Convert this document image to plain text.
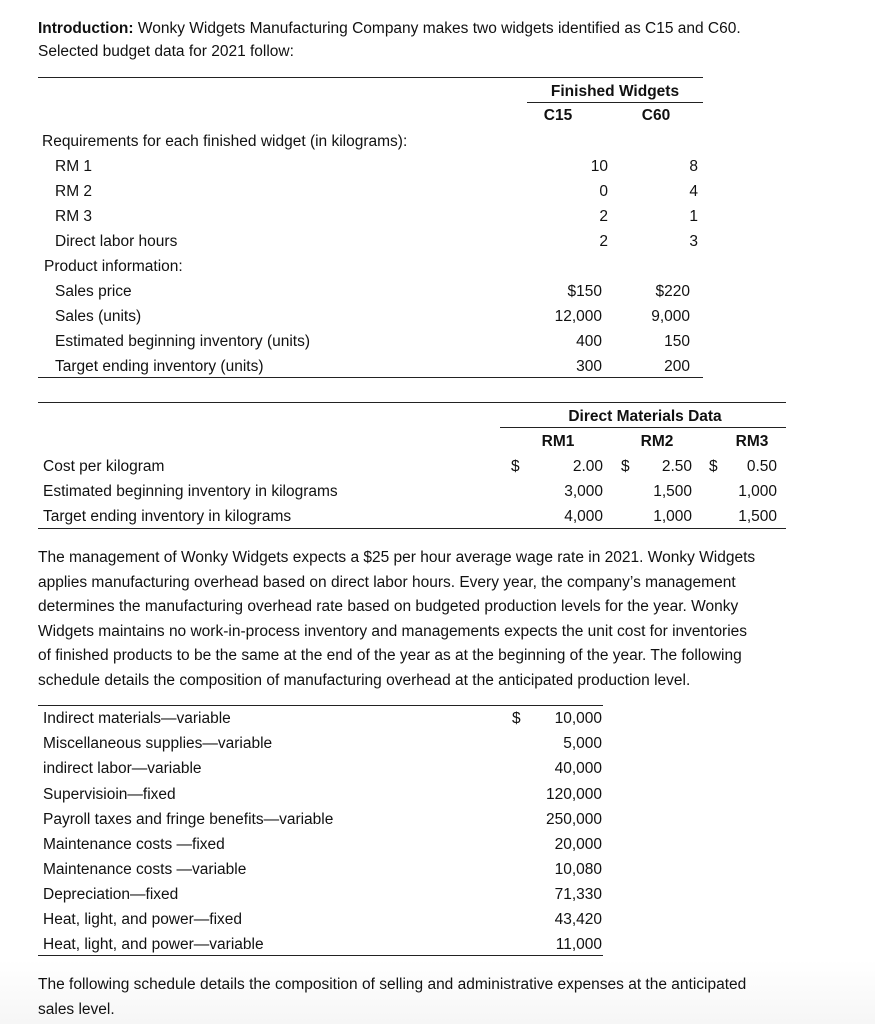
Introduction: Wonky Widgets Manufacturing Company makes two widgets identified as C15 and C60.
Selected budget data for 2021 follow:
Finished Widgets
C15	C60
Requirements for each finished widget (in kilograms):
RM 1	10	8
RM 2	0	4
RM 3	2	1
Direct labor hours	2	3
Product information:
Sales price	$150	$220
Sales (units)	12,000	9,000
Estimated beginning inventory (units)	400	150
Target ending inventory (units)	300	200
Direct Materials Data
RM1	RM2	RM3
Cost per kilogram	$	2.00 $	2.50 $	0.50
Estimated beginning inventory in kilograms	3,000	1,500	1,000
Target ending inventory in kilograms	4,000	1,000	1,500
The management of Wonky Widgets expects a $25 per hour average wage rate in 2021. Wonky Widgets
applies manufacturing overhead based on direct labor hours. Every year, the company’s management
determines the manufacturing overhead rate based on budgeted production levels for the year. Wonky
Widgets maintains no work-in-process inventory and managements expects the unit cost for inventories
of finished products to be the same at the end of the year as at the beginning of the year. The following
schedule details the composition of manufacturing overhead at the anticipated production level.
$
Indirect materials—variable	10,000
Miscellaneous supplies—variable	5,000
indirect labor—variable	40,000
Supervisioin—fixed	120,000
Payroll taxes and fringe benefits—variable	250,000
Maintenance costs —fixed	20,000
Maintenance costs —variable	10,080
Depreciation—fixed	71,330
Heat, light, and power—fixed	43,420
Heat, light, and power—variable	11,000
The following schedule details the composition of selling and administrative expenses at the anticipated
sales level.
